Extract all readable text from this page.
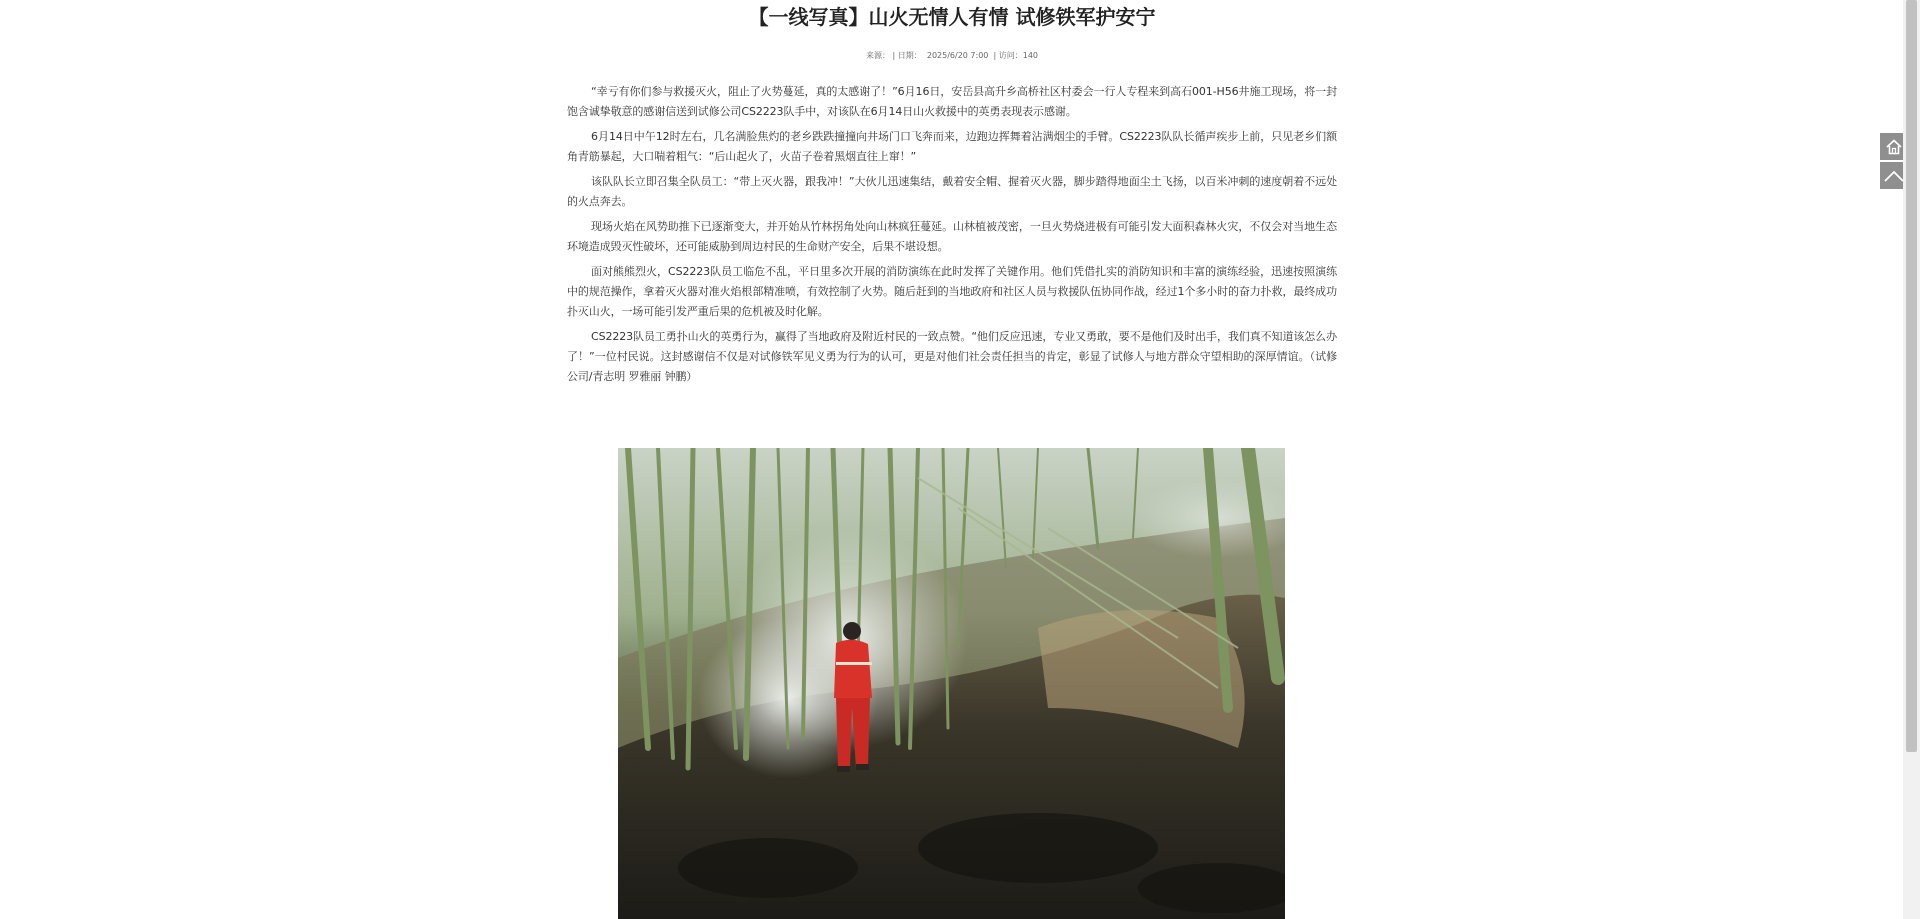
【一线写真】山火无情人有情 试修铁军护安宁
来源： | 日期： 2025/6/20 7:00 | 访问：140

“幸亏有你们参与救援灭火，阻止了火势蔓延，真的太感谢了！”6月16日，安岳县高升乡高桥社区村委会一行人专程来到高石001-H56井施工现场，将一封饱含诚挚敬意的感谢信送到试修公司CS2223队手中，对该队在6月14日山火救援中的英勇表现表示感谢。

6月14日中午12时左右，几名满脸焦灼的老乡跌跌撞撞向井场门口飞奔而来，边跑边挥舞着沾满烟尘的手臂。CS2223队队长循声疾步上前，只见老乡们额角青筋暴起，大口喘着粗气：“后山起火了，火苗子卷着黑烟直往上窜！”

该队队长立即召集全队员工：“带上灭火器，跟我冲！”大伙儿迅速集结，戴着安全帽、握着灭火器，脚步踏得地面尘土飞扬，以百米冲刺的速度朝着不远处的火点奔去。

现场火焰在风势助推下已逐渐变大，并开始从竹林拐角处向山林疯狂蔓延。山林植被茂密，一旦火势烧进极有可能引发大面积森林火灾，不仅会对当地生态环境造成毁灭性破坏，还可能威胁到周边村民的生命财产安全，后果不堪设想。

面对熊熊烈火，CS2223队员工临危不乱，平日里多次开展的消防演练在此时发挥了关键作用。他们凭借扎实的消防知识和丰富的演练经验，迅速按照演练中的规范操作，拿着灭火器对准火焰根部精准喷，有效控制了火势。随后赶到的当地政府和社区人员与救援队伍协同作战，经过1个多小时的奋力扑救，最终成功扑灭山火，一场可能引发严重后果的危机被及时化解。

CS2223队员工勇扑山火的英勇行为，赢得了当地政府及附近村民的一致点赞。“他们反应迅速，专业又勇敢，要不是他们及时出手，我们真不知道该怎么办了！”一位村民说。这封感谢信不仅是对试修铁军见义勇为行为的认可，更是对他们社会责任担当的肯定，彰显了试修人与地方群众守望相助的深厚情谊。（试修公司/青志明 罗雅丽 钟鹏）
